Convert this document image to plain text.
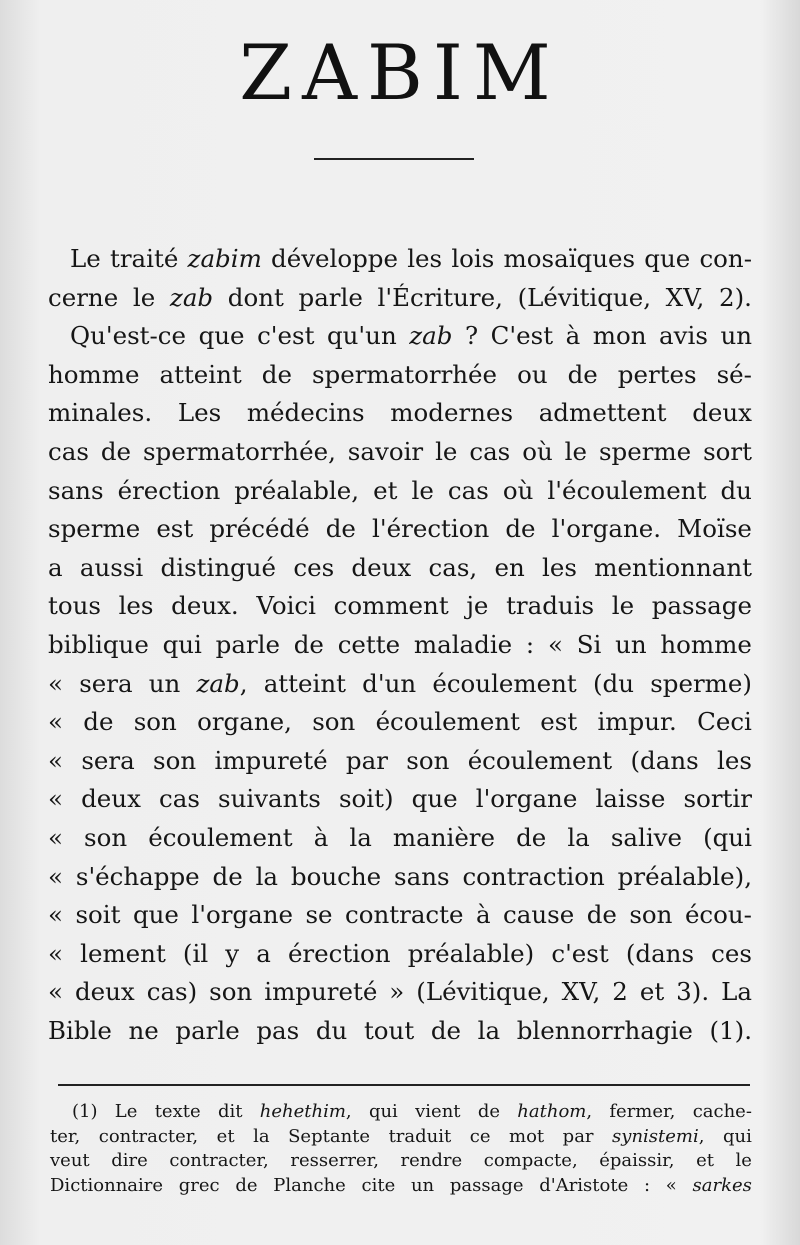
ZABIM
Le traité zabim développe les lois mosaïques que con-
cerne le zab dont parle l'Écriture, (Lévitique, XV, 2).
Qu'est-ce que c'est qu'un zab ? C'est à mon avis un
homme atteint de spermatorrhée ou de pertes sé-
minales. Les médecins modernes admettent deux
cas de spermatorrhée, savoir le cas où le sperme sort
sans érection préalable, et le cas où l'écoulement du
sperme est précédé de l'érection de l'organe. Moïse
a aussi distingué ces deux cas, en les mentionnant
tous les deux. Voici comment je traduis le passage
biblique qui parle de cette maladie : « Si un homme
« sera un zab, atteint d'un écoulement (du sperme)
« de son organe, son écoulement est impur. Ceci
« sera son impureté par son écoulement (dans les
« deux cas suivants soit) que l'organe laisse sortir
« son écoulement à la manière de la salive (qui
« s'échappe de la bouche sans contraction préalable),
« soit que l'organe se contracte à cause de son écou-
« lement (il y a érection préalable) c'est (dans ces
« deux cas) son impureté » (Lévitique, XV, 2 et 3). La
Bible ne parle pas du tout de la blennorrhagie (1).
(1) Le texte dit hehethim, qui vient de hathom, fermer, cache-
ter, contracter, et la Septante traduit ce mot par synistemi, qui
veut dire contracter, resserrer, rendre compacte, épaissir, et le
Dictionnaire grec de Planche cite un passage d'Aristote : « sarkes
